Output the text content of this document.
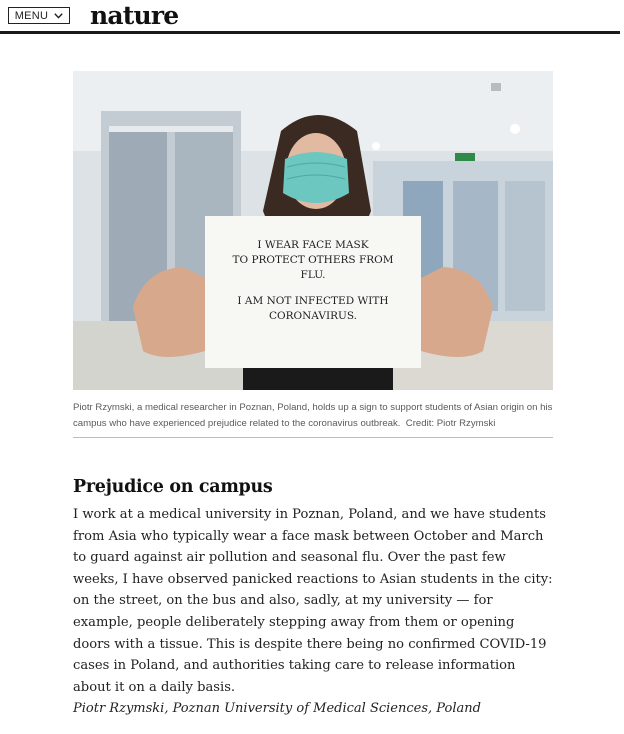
MENU nature
I WEAR FACE MASK
TO PROTECT OTHERS FROM
FLU.
I AM NOT INFECTED WITH
CORONAVIRUS.
Piotr Rzymski, a medical researcher in Poznan, Poland, holds up a sign to support students of Asian origin on his campus who have experienced prejudice related to the coronavirus outbreak. Credit: Piotr Rzymski
Prejudice on campus

I work at a medical university in Poznan, Poland, and we have students from Asia who typically wear a face mask between October and March to guard against air pollution and seasonal flu. Over the past few weeks, I have observed panicked reactions to Asian students in the city: on the street, on the bus and also, sadly, at my university — for example, people deliberately stepping away from them or opening doors with a tissue. This is despite there being no confirmed COVID-19 cases in Poland, and authorities taking care to release information about it on a daily basis.

Piotr Rzymski, Poznan University of Medical Sciences, Poland
